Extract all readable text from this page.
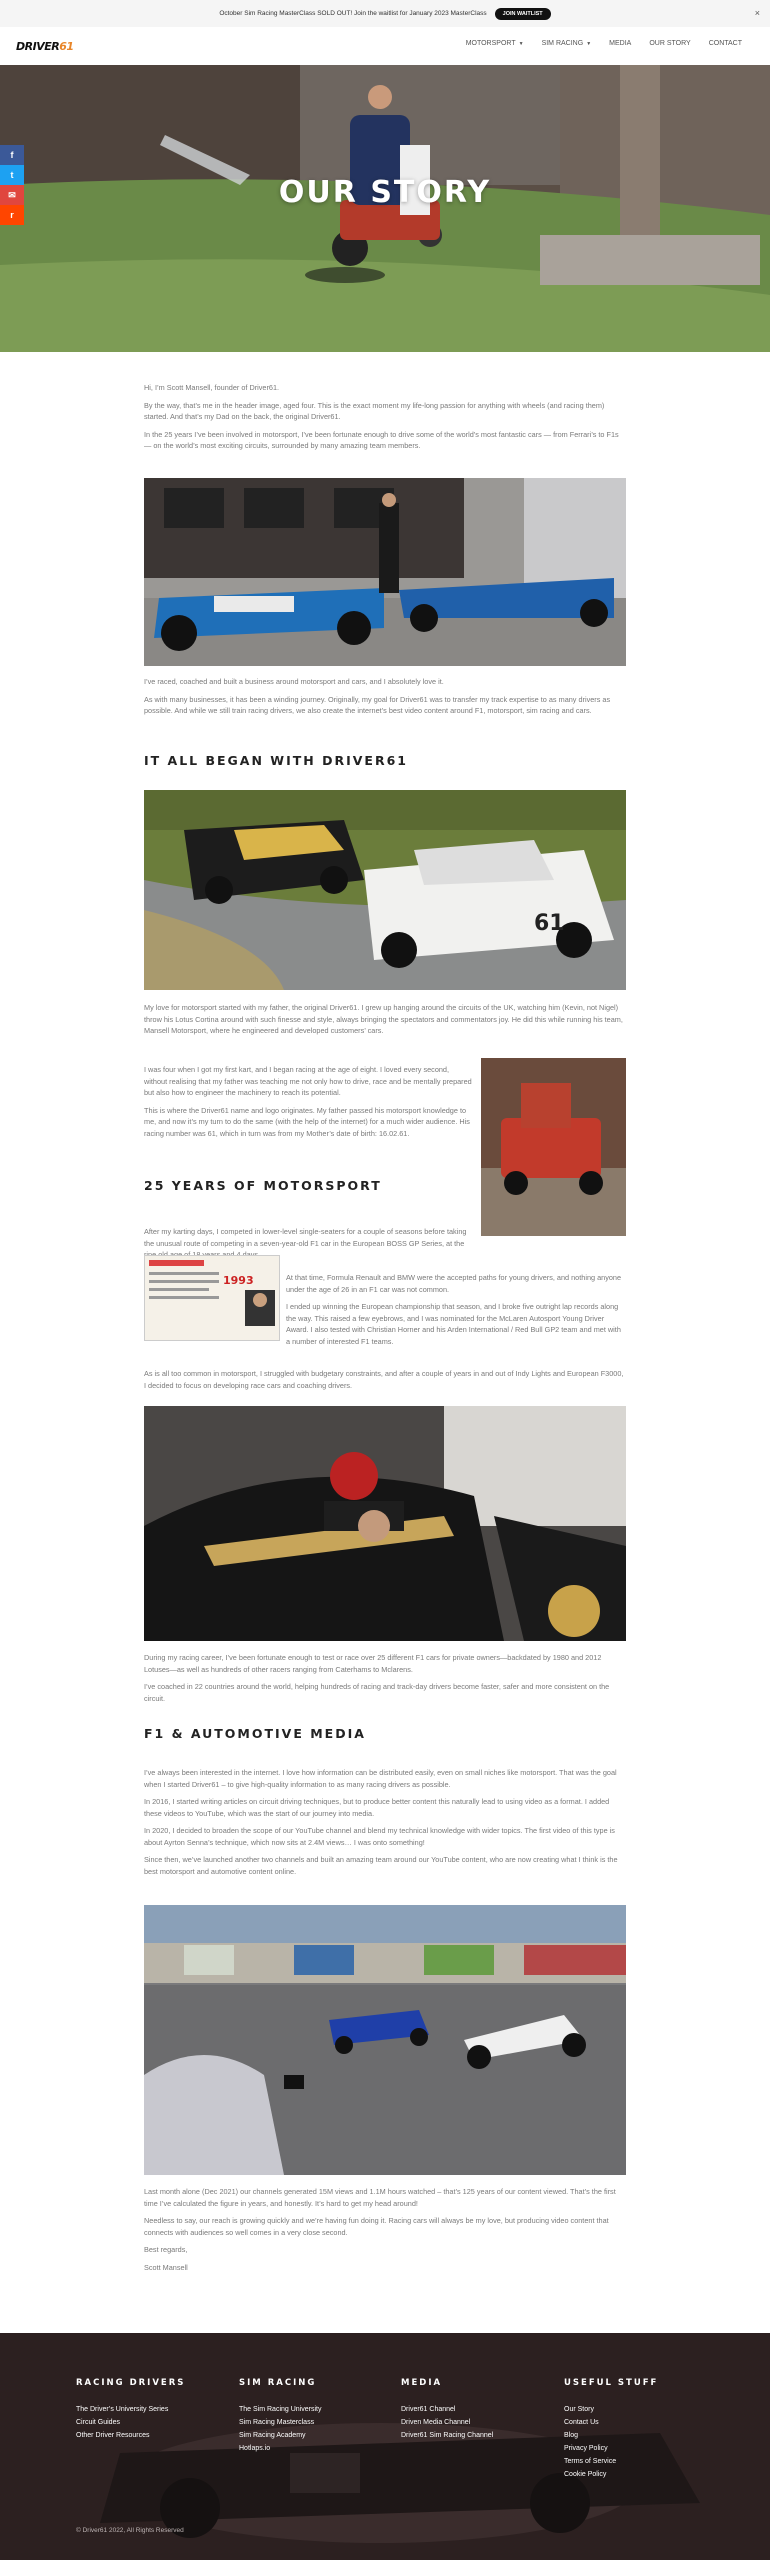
October Sim Racing MasterClass SOLD OUT! Join the waitlist for January 2023 MasterClass	JOIN WAITLIST	×
DRIVER61	MOTORSPORT ▼	SIM RACING ▼	MEDIA	OUR STORY	CONTACT
OUR STORY
f
t
✉
r

Hi, I’m Scott Mansell, founder of Driver61.

By the way, that’s me in the header image, aged four. This is the exact moment my life-long passion for anything with wheels (and racing them) started. And that’s my Dad on the back, the original Driver61.

In the 25 years I’ve been involved in motorsport, I’ve been fortunate enough to drive some of the world’s most fantastic cars — from Ferrari’s to F1s — on the world’s most exciting circuits, surrounded by many amazing team members.

I’ve raced, coached and built a business around motorsport and cars, and I absolutely love it.

As with many businesses, it has been a winding journey. Originally, my goal for Driver61 was to transfer my track expertise to as many drivers as possible. And while we still train racing drivers, we also create the internet’s best video content around F1, motorsport, sim racing and cars.

IT ALL BEGAN WITH DRIVER61
61

My love for motorsport started with my father, the original Driver61. I grew up hanging around the circuits of the UK, watching him (Kevin, not Nigel) throw his Lotus Cortina around with such finesse and style, always bringing the spectators and commentators joy. He did this while running his team, Mansell Motorsport, where he engineered and developed customers’ cars.

I was four when I got my first kart, and I began racing at the age of eight. I loved every second, without realising that my father was teaching me not only how to drive, race and be mentally prepared but also how to engineer the machinery to reach its potential.

This is where the Driver61 name and logo originates. My father passed his motorsport knowledge to me, and now it’s my turn to do the same (with the help of the internet) for a much wider audience. His racing number was 61, which in turn was from my Mother’s date of birth: 16.02.61.

25 YEARS OF MOTORSPORT

After my karting days, I competed in lower-level single-seaters for a couple of seasons before taking the unusual route of competing in a seven-year-old F1 car in the European BOSS GP Series, at the

1993	At that time, Formula Renault and BMW were the accepted paths for young drivers, and nothing anyone under the age of 26 in an F1 car was not common.

I ended up winning the European championship that season, and I broke five outright lap records along the way. This raised a few eyebrows, and I was nominated for the McLaren Autosport Young Driver Award. I also tested with Christian Horner and his Arden International / Red Bull GP2 team and met with a number of interested F1 teams.

As is all too common in motorsport, I struggled with budgetary constraints, and after a couple of years in and out of Indy Lights and European F3000, I decided to focus on developing race cars and coaching drivers.

During my racing career, I’ve been fortunate enough to test or race over 25 different F1 cars for private owners—backdated by 1980 and 2012 Lotuses—as well as hundreds of other racers ranging from Caterhams to Mclarens.

I’ve coached in 22 countries around the world, helping hundreds of racing and track-day drivers become faster, safer and more consistent on the circuit.

F1 & AUTOMOTIVE MEDIA

I’ve always been interested in the internet. I love how information can be distributed easily, even on small niches like motorsport. That was the goal when I started Driver61 – to give high-quality information to as many racing drivers as possible.

In 2016, I started writing articles on circuit driving techniques, but to produce better content this naturally lead to using video as a format. I added these videos to YouTube, which was the start of our journey into media.

In 2020, I decided to broaden the scope of our YouTube channel and blend my technical knowledge with wider topics. The first video of this type is about Ayrton Senna’s technique, which now sits at 2.4M views… I was onto something!

Since then, we’ve launched another two channels and built an amazing team around our YouTube content, who are now creating what I think is the best motorsport and automotive content online.

Last month alone (Dec 2021) our channels generated 15M views and 1.1M hours watched – that’s 125 years of our content viewed. That’s the first time I’ve calculated the figure in years, and honestly. It’s hard to get my head around!

Needless to say, our reach is growing quickly and we’re having fun doing it. Racing cars will always be my love, but producing video content that connects with audiences so well comes in a very close second.

Best regards,

Scott Mansell

RACING DRIVERS
The Driver’s University Series
Circuit Guides
Other Driver Resources
SIM RACING
The Sim Racing University
Sim Racing Masterclass
Sim Racing Academy
Hotlaps.io
MEDIA
Driver61 Channel
Driven Media Channel
Driver61 Sim Racing Channel
USEFUL STUFF
Our Story
Contact Us
Blog
Privacy Policy
Terms of Service
Cookie Policy
© Driver61 2022, All Rights Reserved
